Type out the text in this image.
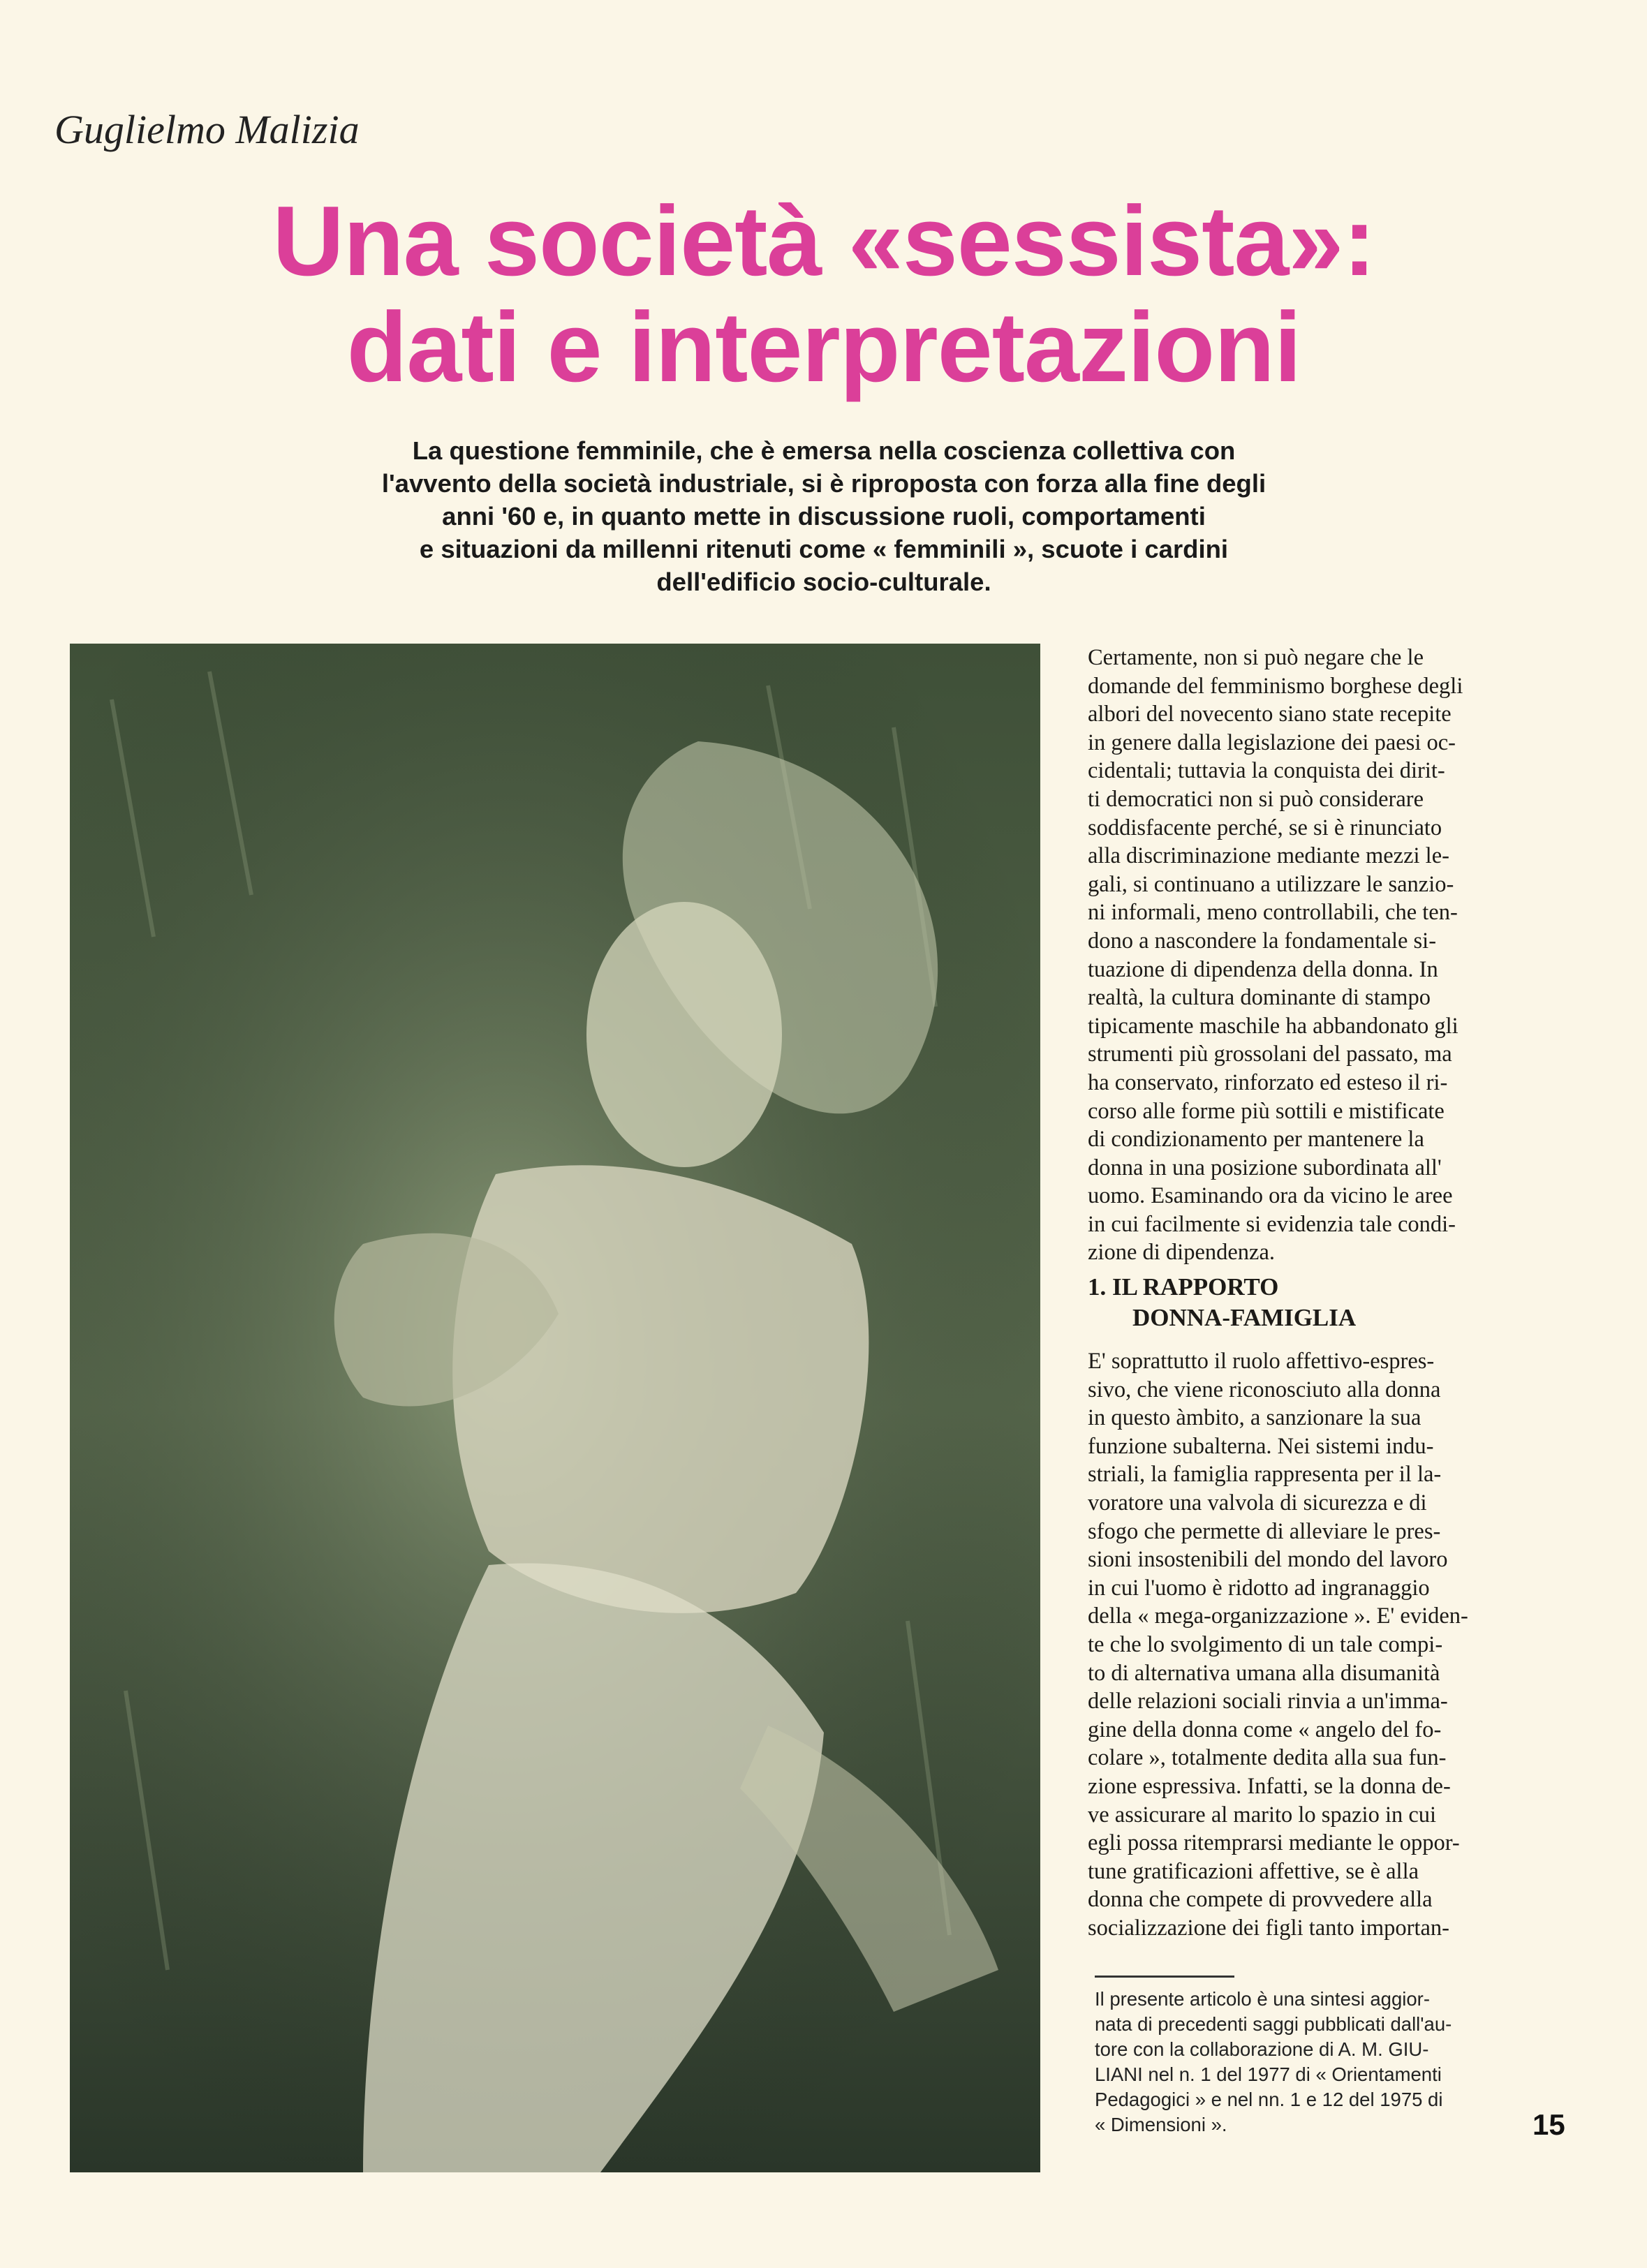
Guglielmo Malizia
Una società «sessista»:
dati e interpretazioni
La questione femminile, che è emersa nella coscienza collettiva con
l'avvento della società industriale, si è riproposta con forza alla fine degli
anni '60 e, in quanto mette in discussione ruoli, comportamenti
e situazioni da millenni ritenuti come « femminili », scuote i cardini
dell'edificio socio-culturale.
Certamente, non si può negare che le
domande del femminismo borghese degli
albori del novecento siano state recepite
in genere dalla legislazione dei paesi oc-
cidentali; tuttavia la conquista dei dirit-
ti democratici non si può considerare
soddisfacente perché, se si è rinunciato
alla discriminazione mediante mezzi le-
gali, si continuano a utilizzare le sanzio-
ni informali, meno controllabili, che ten-
dono a nascondere la fondamentale si-
tuazione di dipendenza della donna. In
realtà, la cultura dominante di stampo
tipicamente maschile ha abbandonato gli
strumenti più grossolani del passato, ma
ha conservato, rinforzato ed esteso il ri-
corso alle forme più sottili e mistificate
di condizionamento per mantenere la
donna in una posizione subordinata all'
uomo. Esaminando ora da vicino le aree
in cui facilmente si evidenzia tale condi-
zione di dipendenza.
1. IL RAPPORTO
DONNA-FAMIGLIA
E' soprattutto il ruolo affettivo-espres-
sivo, che viene riconosciuto alla donna
in questo àmbito, a sanzionare la sua
funzione subalterna. Nei sistemi indu-
striali, la famiglia rappresenta per il la-
voratore una valvola di sicurezza e di
sfogo che permette di alleviare le pres-
sioni insostenibili del mondo del lavoro
in cui l'uomo è ridotto ad ingranaggio
della « mega-organizzazione ». E' eviden-
te che lo svolgimento di un tale compi-
to di alternativa umana alla disumanità
delle relazioni sociali rinvia a un'imma-
gine della donna come « angelo del fo-
colare », totalmente dedita alla sua fun-
zione espressiva. Infatti, se la donna de-
ve assicurare al marito lo spazio in cui
egli possa ritemprarsi mediante le oppor-
tune gratificazioni affettive, se è alla
donna che compete di provvedere alla
socializzazione dei figli tanto importan-
Il presente articolo è una sintesi aggior-
nata di precedenti saggi pubblicati dall'au-
tore con la collaborazione di A. M. GIU-
LIANI nel n. 1 del 1977 di « Orientamenti
Pedagogici » e nel nn. 1 e 12 del 1975 di
« Dimensioni ».	15
